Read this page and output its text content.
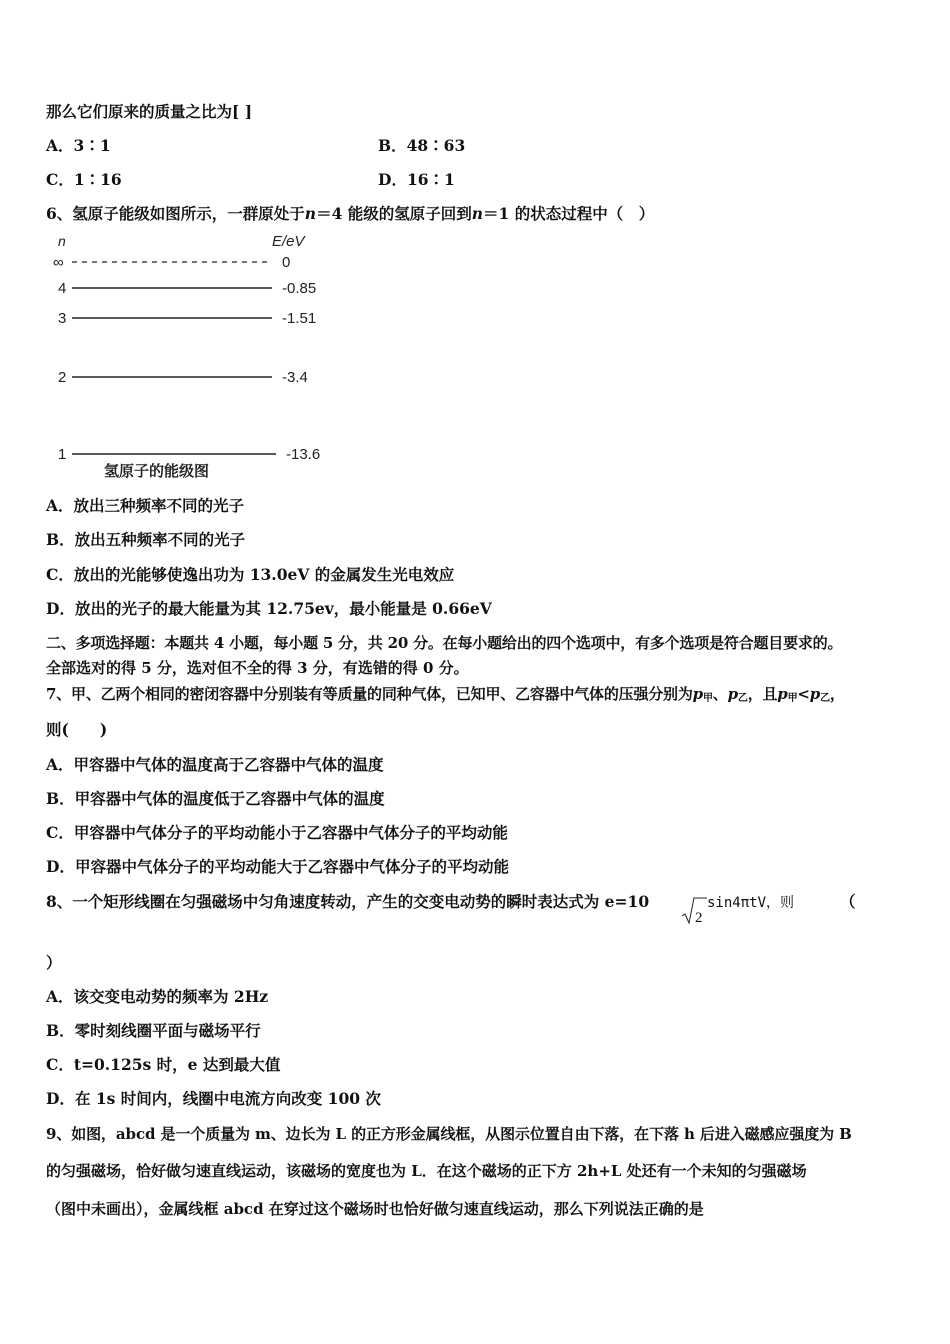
那么它们原来的质量之比为[ ]
A．3∶1	B．48∶63
C．1∶16	D．16∶1
6、氢原子能级如图所示，一群原处于n＝4 能级的氢原子回到n＝1 的状态过程中（　）
n	E/eV
∞	0
4	-0.85
3	-1.51
2	-3.4
1	-13.6
氢原子的能级图
A．放出三种频率不同的光子
B．放出五种频率不同的光子
C．放出的光能够使逸出功为 13.0eV 的金属发生光电效应
D．放出的光子的最大能量为其 12.75ev，最小能量是 0.66eV
二、多项选择题：本题共 4 小题，每小题 5 分，共 20 分。在每小题给出的四个选项中，有多个选项是符合题目要求的。
全部选对的得 5 分，选对但不全的得 3 分，有选错的得 0 分。
7、甲、乙两个相同的密闭容器中分别装有等质量的同种气体，已知甲、乙容器中气体的压强分别为$p_甲$、$p_乙$，且$p_甲<p_乙$，
则(　　)
A．甲容器中气体的温度高于乙容器中气体的温度
B．甲容器中气体的温度低于乙容器中气体的温度
C．甲容器中气体分子的平均动能小于乙容器中气体分子的平均动能
D．甲容器中气体分子的平均动能大于乙容器中气体分子的平均动能
8、一个矩形线圈在匀强磁场中匀角速度转动，产生的交变电动势的瞬时表达式为 e=10
2
sin4πtV，则	（
）
A．该交变电动势的频率为 2Hz
B．零时刻线圈平面与磁场平行
C．t=0.125s 时，e 达到最大值
D．在 1s 时间内，线圈中电流方向改变 100 次
9、如图，abcd 是一个质量为 m、边长为 L 的正方形金属线框，从图示位置自由下落，在下落 h 后进入磁感应强度为 B
的匀强磁场，恰好做匀速直线运动，该磁场的宽度也为 L．在这个磁场的正下方 2h+L 处还有一个未知的匀强磁场
（图中未画出），金属线框 abcd 在穿过这个磁场时也恰好做匀速直线运动，那么下列说法正确的是
